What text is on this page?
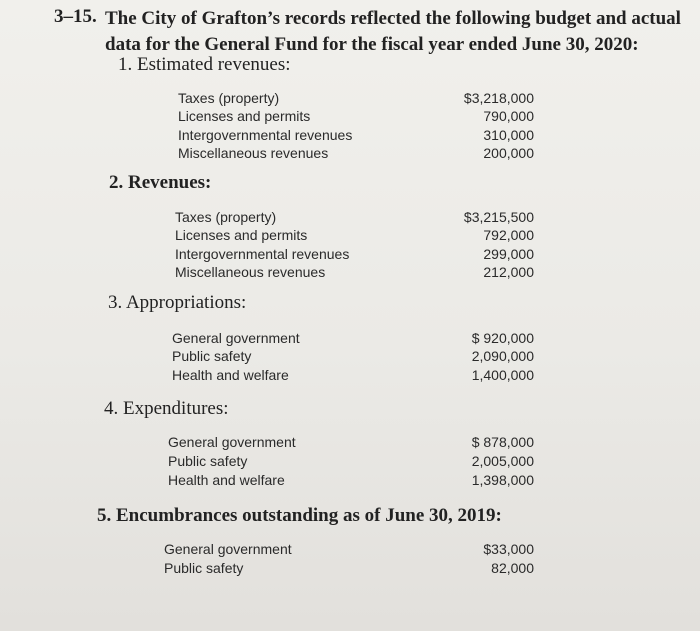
3–15. The City of Grafton’s records reflected the following budget and actual data for the General Fund for the fiscal year ended June 30, 2020:
1. Estimated revenues:
Taxes (property)	$3,218,000
Licenses and permits	790,000
Intergovernmental revenues	310,000
Miscellaneous revenues	200,000
2. Revenues:
Taxes (property)	$3,215,500
Licenses and permits	792,000
Intergovernmental revenues	299,000
Miscellaneous revenues	212,000
3. Appropriations:
General government	$ 920,000
Public safety	2,090,000
Health and welfare	1,400,000
4. Expenditures:
General government	$ 878,000
Public safety	2,005,000
Health and welfare	1,398,000
5. Encumbrances outstanding as of June 30, 2019:
General government	$33,000
Public safety	82,000
